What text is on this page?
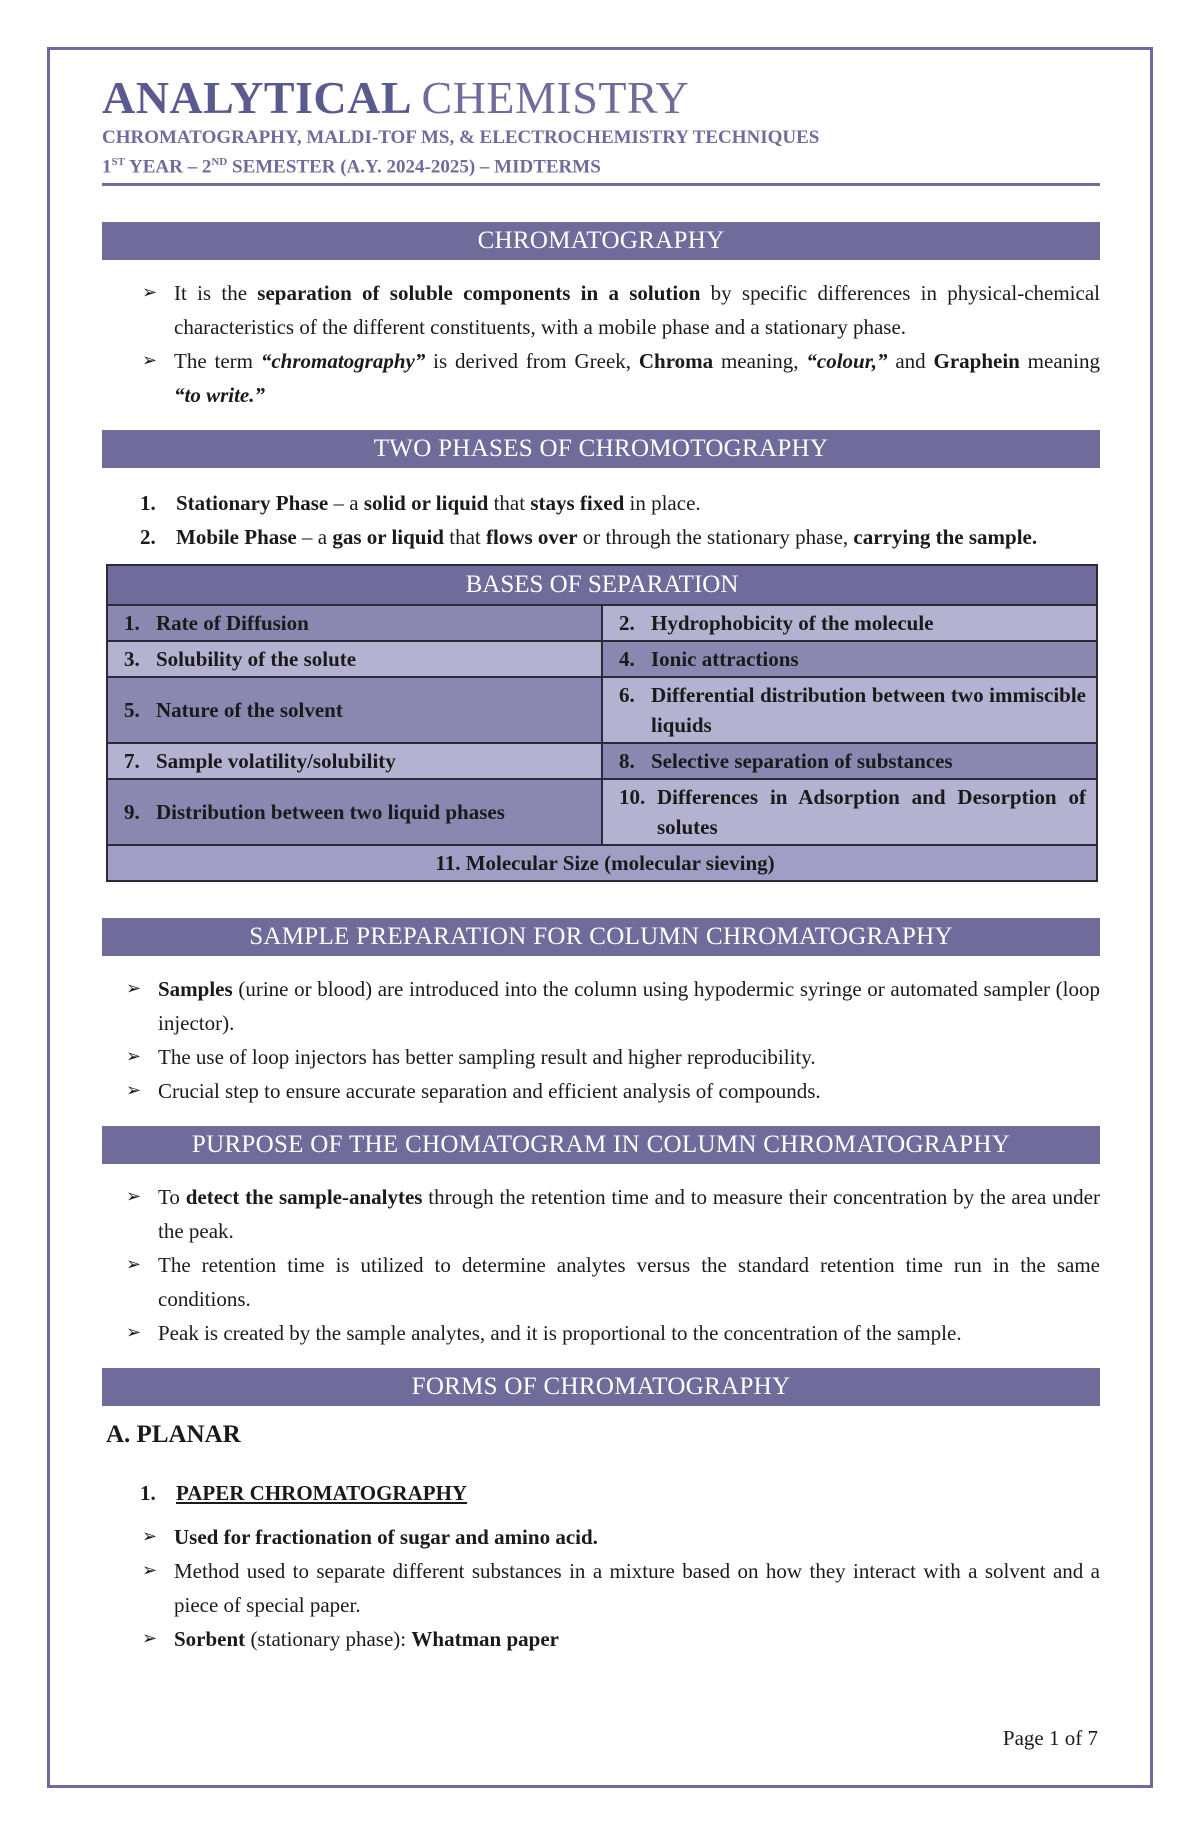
ANALYTICAL CHEMISTRY
CHROMATOGRAPHY, MALDI-TOF MS, & ELECTROCHEMISTRY TECHNIQUES
1ST YEAR – 2ND SEMESTER (A.Y. 2024-2025) – MIDTERMS
CHROMATOGRAPHY
➢ It is the separation of soluble components in a solution by specific differences in physical-chemical characteristics of the different constituents, with a mobile phase and a stationary phase.
➢ The term “chromatography” is derived from Greek, Chroma meaning, “colour,” and Graphein meaning “to write.”
TWO PHASES OF CHROMOTOGRAPHY
1. Stationary Phase – a solid or liquid that stays fixed in place.
2. Mobile Phase – a gas or liquid that flows over or through the stationary phase, carrying the sample.
BASES OF SEPARATION	

1. Rate of Diffusion	2. Hydrophobicity of the molecule

3. Solubility of the solute	4. Ionic attractions

5. Nature of the solvent	6. Differential distribution between two immiscible liquids

7. Sample volatility/solubility	8. Selective separation of substances

9. Distribution between two liquid phases	10. Differences in Adsorption and Desorption of solutes

11. Molecular Size (molecular sieving)	
SAMPLE PREPARATION FOR COLUMN CHROMATOGRAPHY
➢ Samples (urine or blood) are introduced into the column using hypodermic syringe or automated sampler (loop injector).
➢ The use of loop injectors has better sampling result and higher reproducibility.
➢ Crucial step to ensure accurate separation and efficient analysis of compounds.
PURPOSE OF THE CHOMATOGRAM IN COLUMN CHROMATOGRAPHY
➢ To detect the sample-analytes through the retention time and to measure their concentration by the area under the peak.
➢ The retention time is utilized to determine analytes versus the standard retention time run in the same conditions.
➢ Peak is created by the sample analytes, and it is proportional to the concentration of the sample.
FORMS OF CHROMATOGRAPHY
A. PLANAR
1. PAPER CHROMATOGRAPHY
➢ Used for fractionation of sugar and amino acid.
➢ Method used to separate different substances in a mixture based on how they interact with a solvent and a piece of special paper.
➢ Sorbent (stationary phase): Whatman paper
Page 1 of 7
